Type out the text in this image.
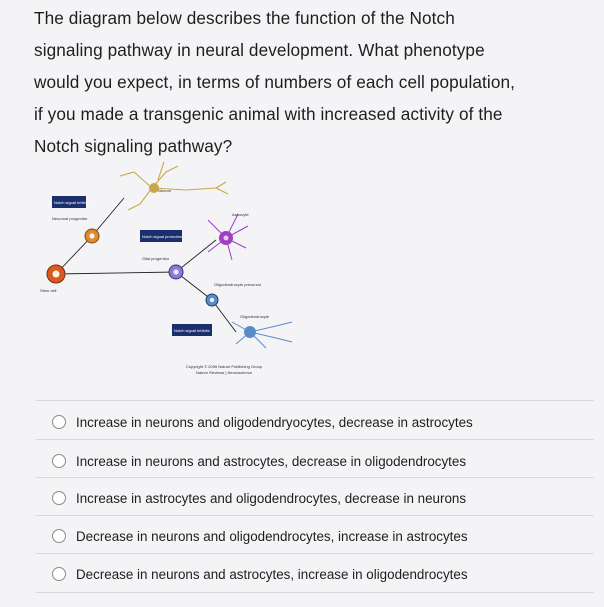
The diagram below describes the function of the Notch
signaling pathway in neural development. What phenotype
would you expect, in terms of numbers of each cell population,
if you made a transgenic animal with increased activity of the
Notch signaling pathway?
Notch signal inhibits
Notch signal promotes
Notch signal inhibits
Neuron
Neuronal progenitor
Astrocyte
Glial progenitor
Stem cell
Oligodendrocyte precursor
Oligodendrocyte
Copyright © 2006 Nature Publishing Group
Nature Reviews | Neuroscience
Increase in neurons and oligodendryocytes, decrease in astrocytes
Increase in neurons and astrocytes, decrease in oligodendrocytes
Increase in astrocytes and oligodendrocytes, decrease in neurons
Decrease in neurons and oligodendrocytes, increase in astrocytes
Decrease in neurons and astrocytes, increase in oligodendrocytes
